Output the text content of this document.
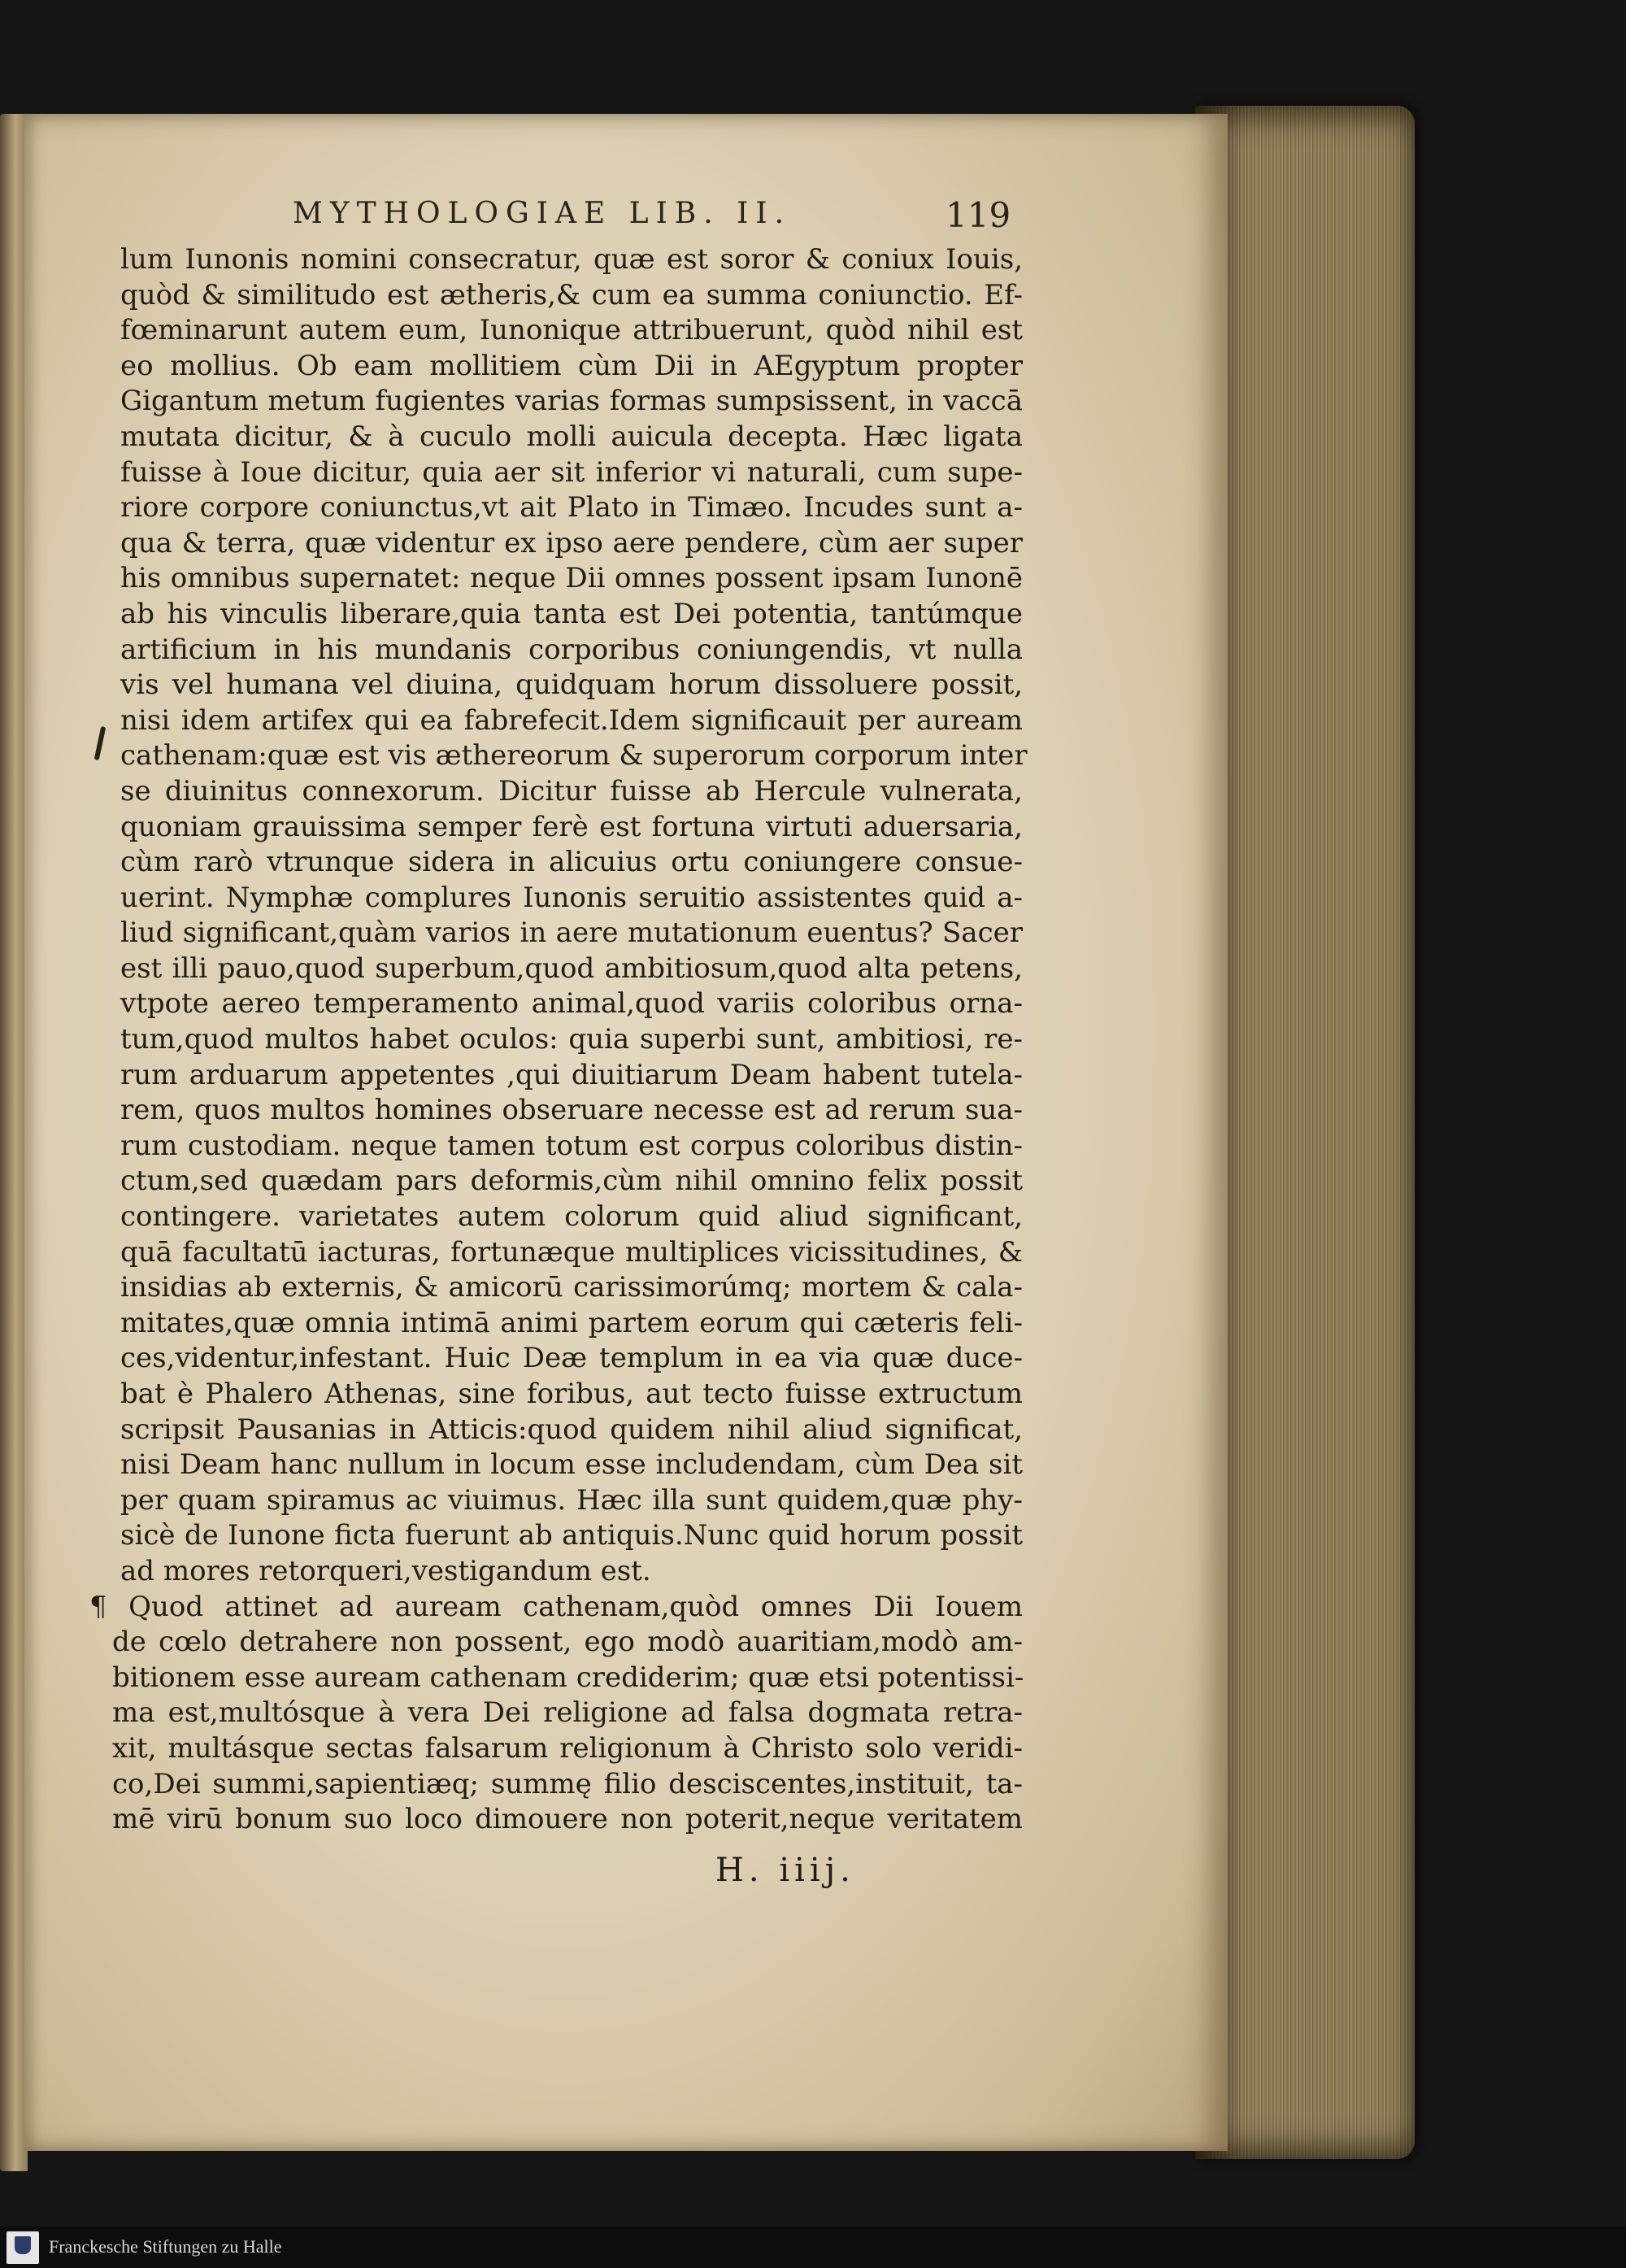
MYTHOLOGIAE LIB. II.	119
lum Iunonis nomini consecratur, quæ est soror & coniux Iouis,
quòd & similitudo est ætheris,& cum ea summa coniunctio. Ef-
fœminarunt autem eum, Iunonique attribuerunt, quòd nihil est
eo mollius. Ob eam mollitiem cùm Dii in AEgyptum propter
Gigantum metum fugientes varias formas sumpsissent, in vaccā
mutata dicitur, & à cuculo molli auicula decepta. Hæc ligata
fuisse à Ioue dicitur, quia aer sit inferior vi naturali, cum supe-
riore corpore coniunctus,vt ait Plato in Timæo. Incudes sunt a-
qua & terra, quæ videntur ex ipso aere pendere, cùm aer super
his omnibus supernatet: neque Dii omnes possent ipsam Iunonē
ab his vinculis liberare,quia tanta est Dei potentia, tantúmque
artificium in his mundanis corporibus coniungendis, vt nulla
vis vel humana vel diuina, quidquam horum dissoluere possit,
nisi idem artifex qui ea fabrefecit.Idem significauit per auream
cathenam:quæ est vis æthereorum & superorum corporum inter
se diuinitus connexorum. Dicitur fuisse ab Hercule vulnerata,
quoniam grauissima semper ferè est fortuna virtuti aduersaria,
cùm rarò vtrunque sidera in alicuius ortu coniungere consue-
uerint. Nymphæ complures Iunonis seruitio assistentes quid a-
liud significant,quàm varios in aere mutationum euentus? Sacer
est illi pauo,quod superbum,quod ambitiosum,quod alta petens,
vtpote aereo temperamento animal,quod variis coloribus orna-
tum,quod multos habet oculos: quia superbi sunt, ambitiosi, re-
rum arduarum appetentes ,qui diuitiarum Deam habent tutela-
rem, quos multos homines obseruare necesse est ad rerum sua-
rum custodiam. neque tamen totum est corpus coloribus distin-
ctum,sed quædam pars deformis,cùm nihil omnino felix possit
contingere. varietates autem colorum quid aliud significant,
quā facultatū iacturas, fortunæque multiplices vicissitudines, &
insidias ab externis, & amicorū carissimorúmq; mortem & cala-
mitates,quæ omnia intimā animi partem eorum qui cæteris feli-
ces,videntur,infestant. Huic Deæ templum in ea via quæ duce-
bat è Phalero Athenas, sine foribus, aut tecto fuisse extructum
scripsit Pausanias in Atticis:quod quidem nihil aliud significat,
nisi Deam hanc nullum in locum esse includendam, cùm Dea sit
per quam spiramus ac viuimus. Hæc illa sunt quidem,quæ phy-
sicè de Iunone ficta fuerunt ab antiquis.Nunc quid horum possit
ad mores retorqueri,vestigandum est.
¶ Quod attinet ad auream cathenam,quòd omnes Dii Iouem
de cœlo detrahere non possent, ego modò auaritiam,modò am-
bitionem esse auream cathenam crediderim; quæ etsi potentissi-
ma est,multósque à vera Dei religione ad falsa dogmata retra-
xit, multásque sectas falsarum religionum à Christo solo veridi-
co,Dei summi,sapientiæq; summę filio desciscentes,instituit, ta-
mē virū bonum suo loco dimouere non poterit,neque veritatem
H. iiij.
Franckesche Stiftungen zu Halle
